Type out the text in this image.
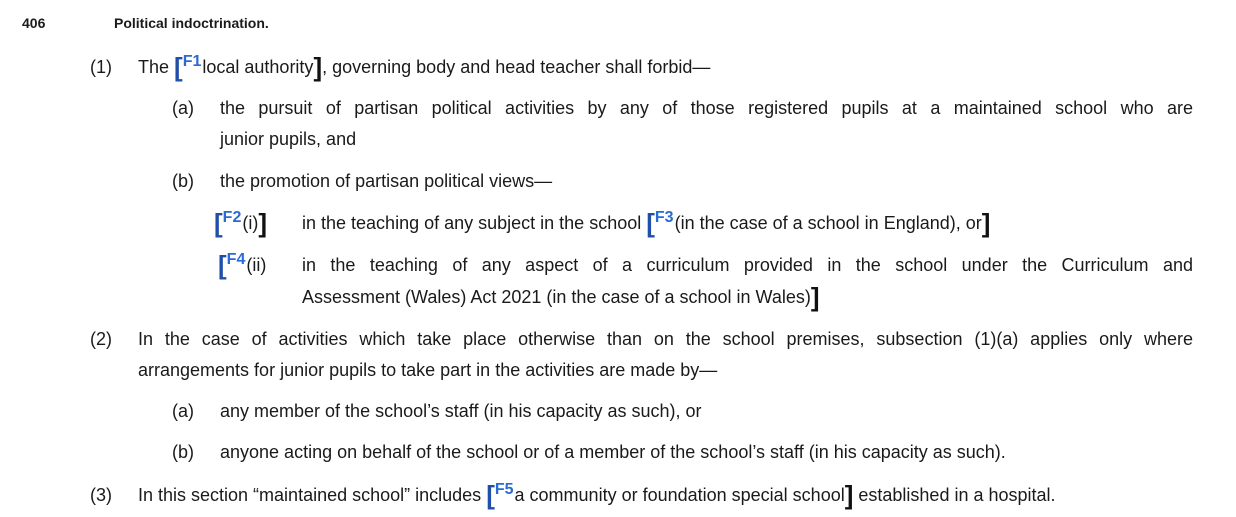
406	Political indoctrination.
(1) The [F1local authority], governing body and head teacher shall forbid—
(a) the pursuit of partisan political activities by any of those registered pupils at a maintained school who are
junior pupils, and
(b) the promotion of partisan political views—
[F2(i)] in the teaching of any subject in the school [F3(in the case of a school in England), or]
[F4(ii) in the teaching of any aspect of a curriculum provided in the school under the Curriculum and
Assessment (Wales) Act 2021 (in the case of a school in Wales)]
(2) In the case of activities which take place otherwise than on the school premises, subsection (1)(a) applies only where
arrangements for junior pupils to take part in the activities are made by—
(a) any member of the school’s staff (in his capacity as such), or
(b) anyone acting on behalf of the school or of a member of the school’s staff (in his capacity as such).
(3) In this section “maintained school” includes [F5a community or foundation special school] established in a hospital.
